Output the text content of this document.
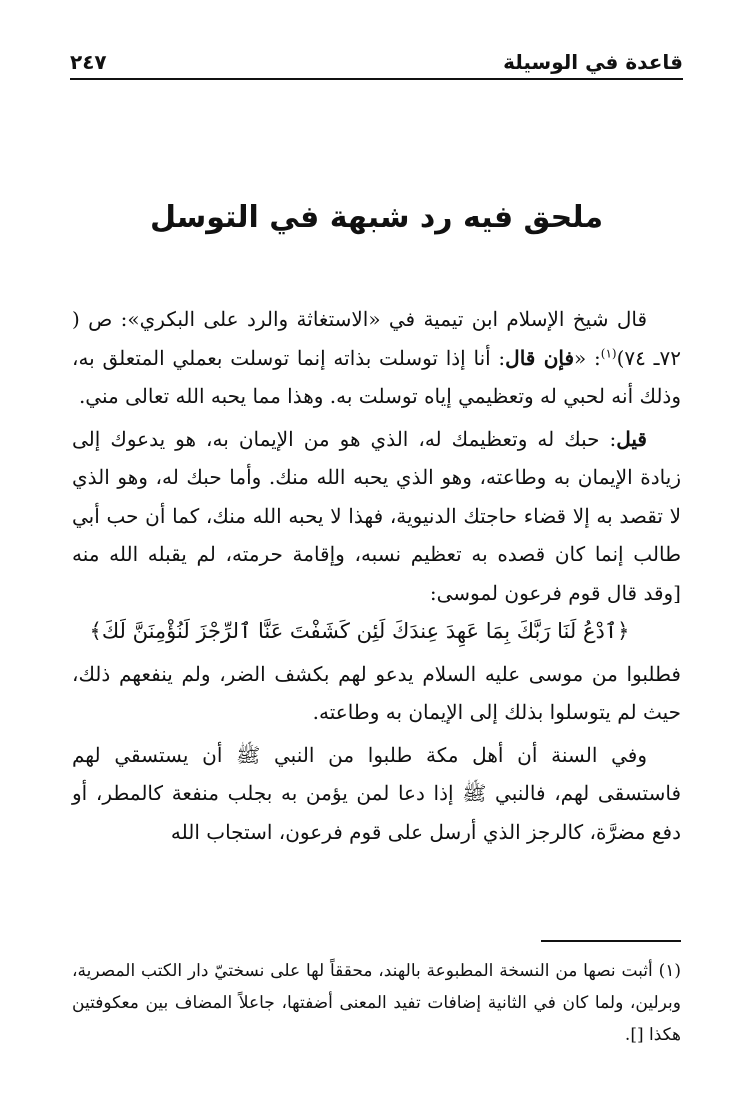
٢٤٧	قاعدة في الوسيلة
ملحق فيه رد شبهة في التوسل

قال شيخ الإسلام ابن تيمية في «الاستغاثة والرد على البكري»: ص ( ٧٢ـ ٧٤)$^{(١)}$: «فإن قال: أنا إذا توسلت بذاته إنما توسلت بعملي المتعلق به، وذلك أنه لحبي له وتعظيمي إياه توسلت به. وهذا مما يحبه الله تعالى مني.

قيل: حبك له وتعظيمك له، الذي هو من الإيمان به، هو يدعوك إلى زيادة الإيمان به وطاعته، وهو الذي يحبه الله منك. وأما حبك له، وهو الذي لا تقصد به إلا قضاء حاجتك الدنيوية، فهذا لا يحبه الله منك، كما أن حب أبي طالب إنما كان قصده به تعظيم نسبه، وإقامة حرمته، لم يقبله الله منه [وقد قال قوم فرعون لموسى:
﴿ٱدْعُ لَنَا رَبَّكَ بِمَا عَهِدَ عِندَكَ لَئِن كَشَفْتَ عَنَّا ٱلرِّجْزَ لَنُؤْمِنَنَّ لَكَ﴾

فطلبوا من موسى عليه السلام يدعو لهم بكشف الضر، ولم ينفعهم ذلك، حيث لم يتوسلوا بذلك إلى الإيمان به وطاعته.

وفي السنة أن أهل مكة طلبوا من النبي ﷺ أن يستسقي لهم فاستسقى لهم، فالنبي ﷺ إذا دعا لمن يؤمن به بجلب منفعة كالمطر، أو دفع مضرَّة، كالرجز الذي أرسل على قوم فرعون، استجاب الله

(١) أثبت نصها من النسخة المطبوعة بالهند، محققاً لها على نسختيّ دار الكتب المصرية، وبرلين، ولما كان في الثانية إضافات تفيد المعنى أضفتها، جاعلاً المضاف بين معكوفتين هكذا [].
